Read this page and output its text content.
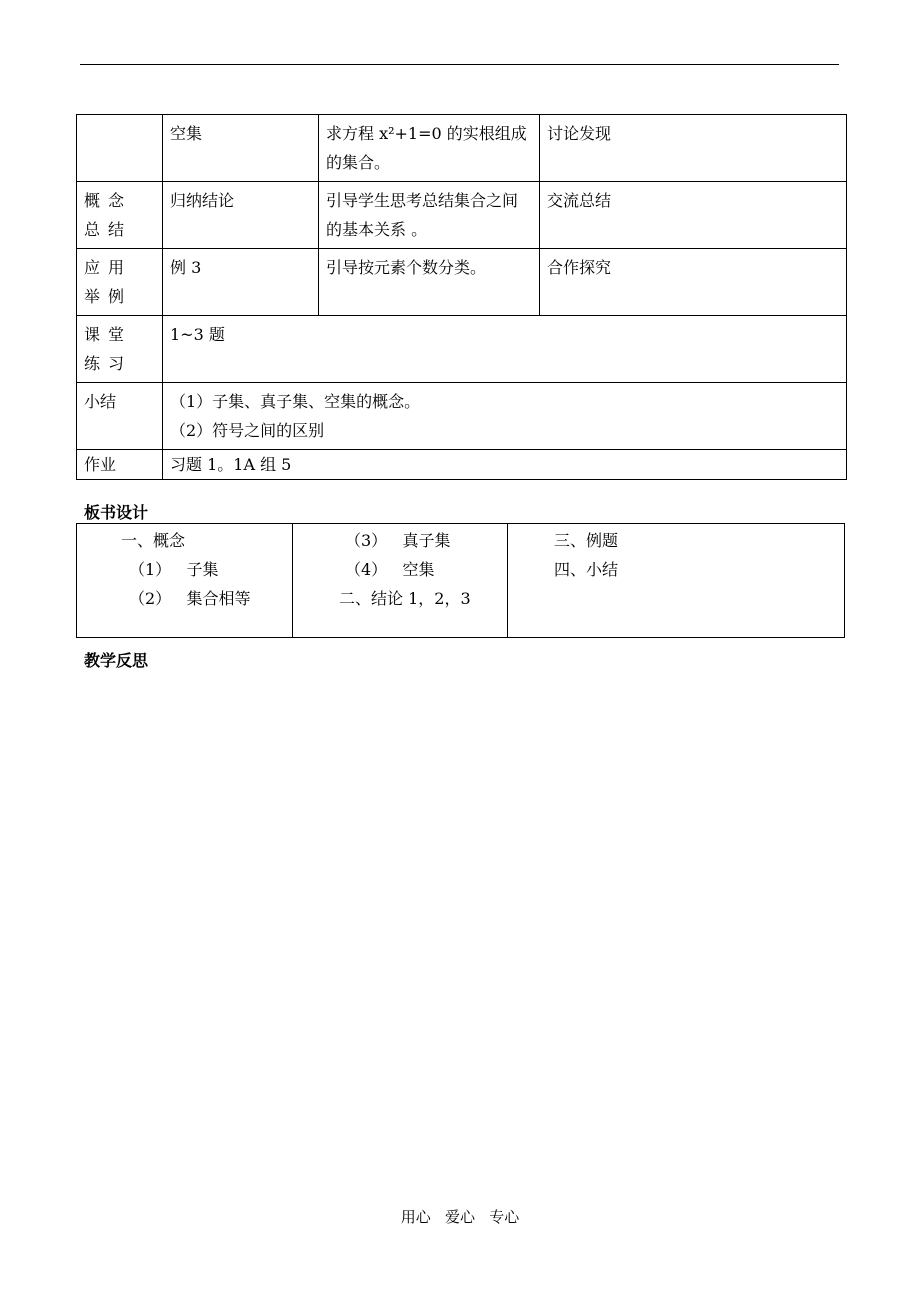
	空集	求方程 x²+1=0 的实根组成的集合。	讨论发现
概念总结	归纳结论	引导学生思考总结集合之间的基本关系 。	交流总结
应用举例	例 3	引导按元素个数分类。	合作探究
课堂练习	1~3 题		
小结	（1）子集、真子集、空集的概念。
（2）符号之间的区别		

作业	习题 1。1A 组 5		
板书设计
一、概念
（1）   子集
（2）   集合相等
（3）   真子集
（4）   空集
二、结论 1，2，3
三、例题
四、小结
教学反思
用心   爱心   专心
